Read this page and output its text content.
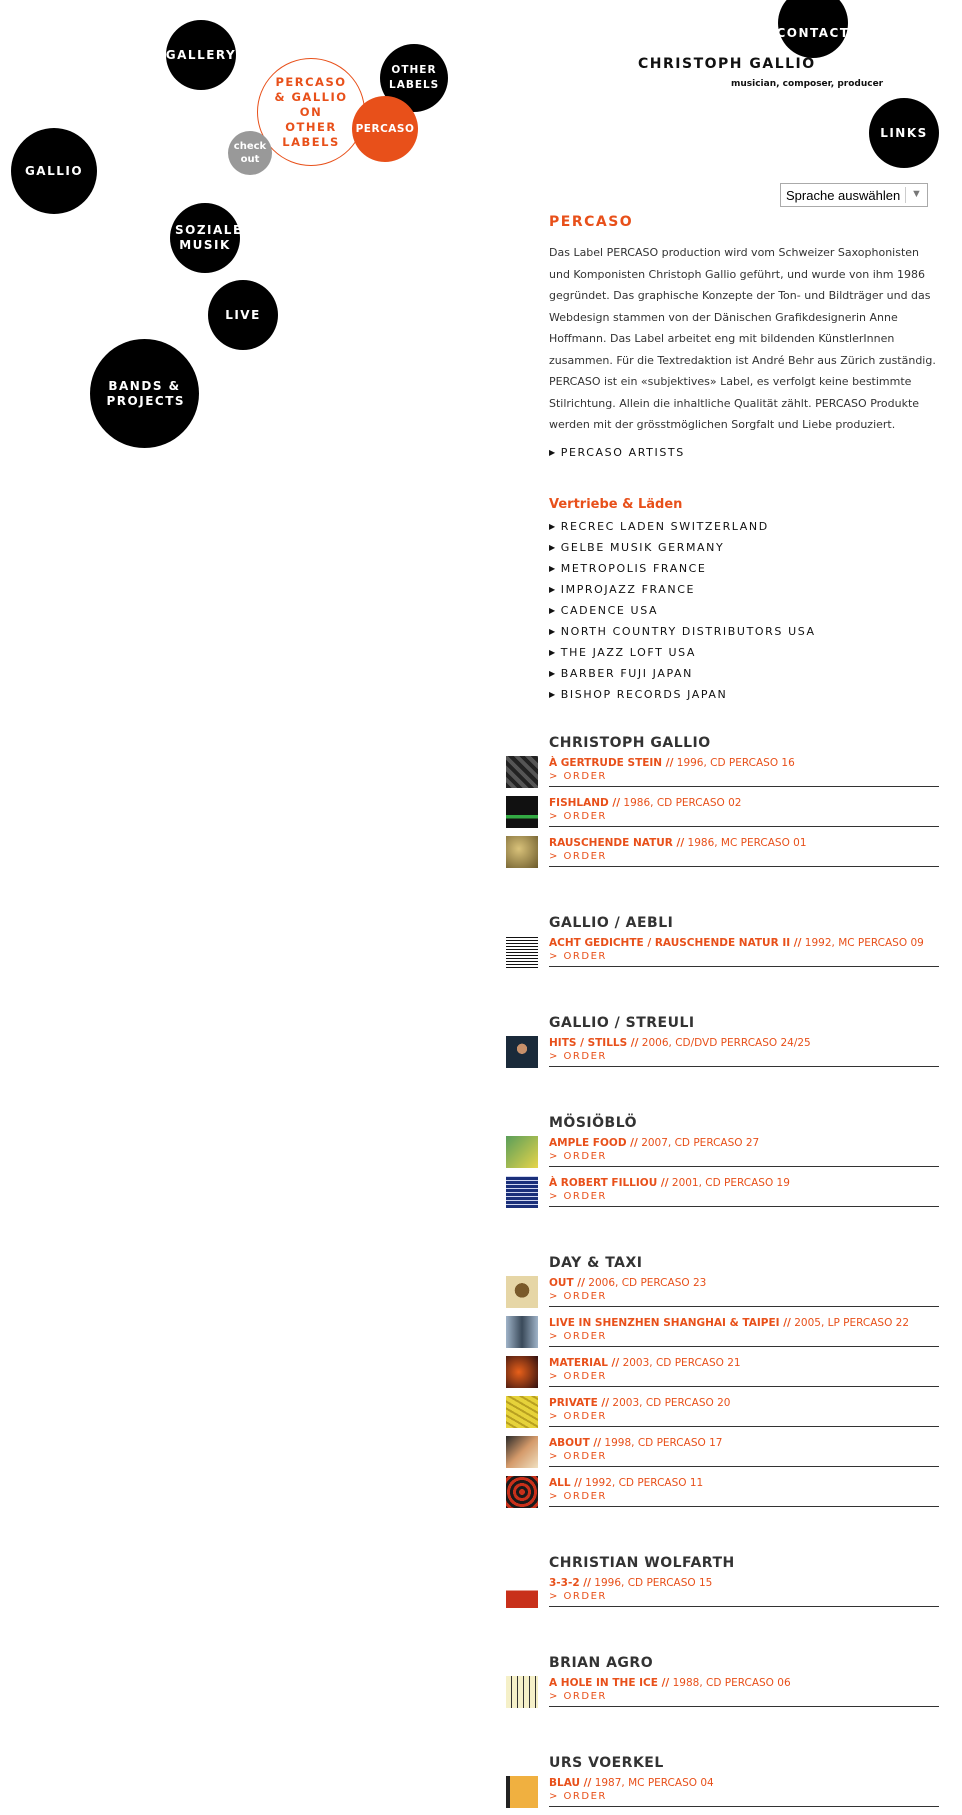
GALLERY
OTHER LABELS
PERCASO & GALLIO ON OTHER LABELS
PERCASO
check out
GALLIO
SOZIALE MUSIK
LIVE
BANDS & PROJECTS
CONTACT
LINKS
CHRISTOPH GALLIO
musician, composer, producer
Sprache auswählen ▼
PERCASO

Das Label PERCASO production wird vom Schweizer Saxophonisten und Komponisten Christoph Gallio geführt, und wurde von ihm 1986 gegründet. Das graphische Konzepte der Ton- und Bildträger und das Webdesign stammen von der Dänischen Grafikdesignerin Anne Hoffmann. Das Label arbeitet eng mit bildenden KünstlerInnen zusammen. Für die Textredaktion ist André Behr aus Zürich zuständig. PERCASO ist ein «subjektives» Label, es verfolgt keine bestimmte Stilrichtung. Allein die inhaltliche Qualität zählt. PERCASO Produkte werden mit der grösstmöglichen Sorgfalt und Liebe produziert.

▶ PERCASO ARTISTS
Vertriebe & Läden
▶ RECREC LADEN SWITZERLAND
▶ GELBE MUSIK GERMANY
▶ METROPOLIS FRANCE
▶ IMPROJAZZ FRANCE
▶ CADENCE USA
▶ NORTH COUNTRY DISTRIBUTORS USA
▶ THE JAZZ LOFT USA
▶ BARBER FUJI JAPAN
▶ BISHOP RECORDS JAPAN
CHRISTOPH GALLIO
À GERTRUDE STEIN // 1996, CD PERCASO 16
> ORDER
FISHLAND // 1986, CD PERCASO 02
> ORDER
RAUSCHENDE NATUR // 1986, MC PERCASO 01
> ORDER
GALLIO / AEBLI
ACHT GEDICHTE / RAUSCHENDE NATUR II // 1992, MC PERCASO 09
> ORDER
GALLIO / STREULI
HITS / STILLS // 2006, CD/DVD PERRCASO 24/25
> ORDER
MÖSIÖBLÖ
AMPLE FOOD // 2007, CD PERCASO 27
> ORDER
À ROBERT FILLIOU // 2001, CD PERCASO 19
> ORDER
DAY & TAXI
OUT // 2006, CD PERCASO 23
> ORDER
LIVE IN SHENZHEN SHANGHAI & TAIPEI // 2005, LP PERCASO 22
> ORDER
MATERIAL // 2003, CD PERCASO 21
> ORDER
PRIVATE // 2003, CD PERCASO 20
> ORDER
ABOUT // 1998, CD PERCASO 17
> ORDER
ALL // 1992, CD PERCASO 11
> ORDER
CHRISTIAN WOLFARTH
3-3-2 // 1996, CD PERCASO 15
> ORDER
BRIAN AGRO
A HOLE IN THE ICE // 1988, CD PERCASO 06
> ORDER
URS VOERKEL
BLAU // 1987, MC PERCASO 04
> ORDER
